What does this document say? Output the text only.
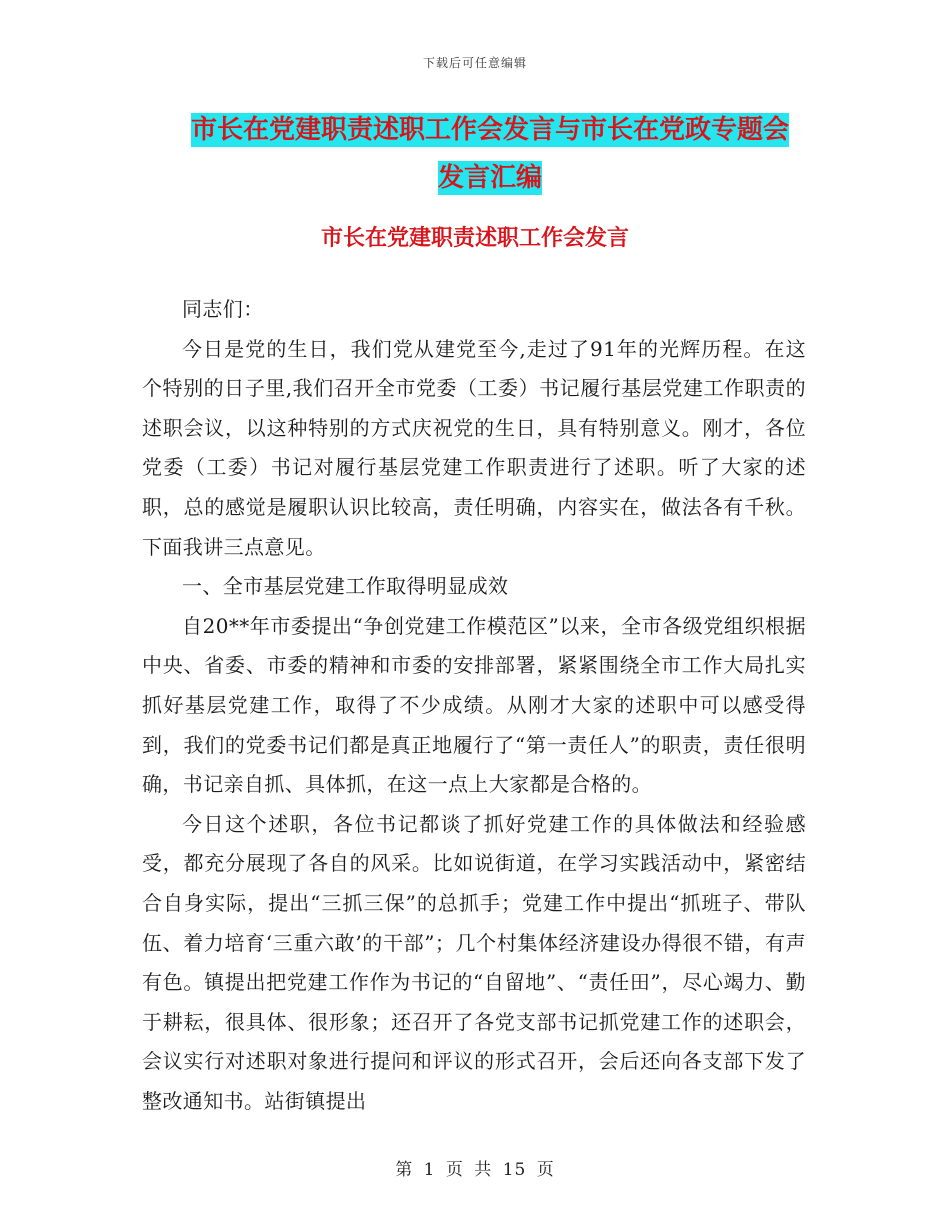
下载后可任意编辑
市长在党建职责述职工作会发言与市长在党政专题会
发言汇编
市长在党建职责述职工作会发言

同志们：

今日是党的生日，我们党从建党至今,走过了91年的光辉历程。在这个特别的日子里,我们召开全市党委（工委）书记履行基层党建工作职责的述职会议，以这种特别的方式庆祝党的生日，具有特别意义。刚才，各位党委（工委）书记对履行基层党建工作职责进行了述职。听了大家的述职，总的感觉是履职认识比较高，责任明确，内容实在，做法各有千秋。下面我讲三点意见。

一、全市基层党建工作取得明显成效

自20**年市委提出“争创党建工作模范区”以来，全市各级党组织根据中央、省委、市委的精神和市委的安排部署，紧紧围绕全市工作大局扎实抓好基层党建工作，取得了不少成绩。从刚才大家的述职中可以感受得到，我们的党委书记们都是真正地履行了“第一责任人”的职责，责任很明确，书记亲自抓、具体抓，在这一点上大家都是合格的。

今日这个述职，各位书记都谈了抓好党建工作的具体做法和经验感受，都充分展现了各自的风采。比如说街道，在学习实践活动中，紧密结合自身实际，提出“三抓三保”的总抓手；党建工作中提出“抓班子、带队伍、着力培育‘三重六敢’的干部”；几个村集体经济建设办得很不错，有声有色。镇提出把党建工作作为书记的“自留地”、“责任田”，尽心竭力、勤于耕耘，很具体、很形象；还召开了各党支部书记抓党建工作的述职会，会议实行对述职对象进行提问和评议的形式召开，会后还向各支部下发了整改通知书。站街镇提出

第 1 页 共 15 页
